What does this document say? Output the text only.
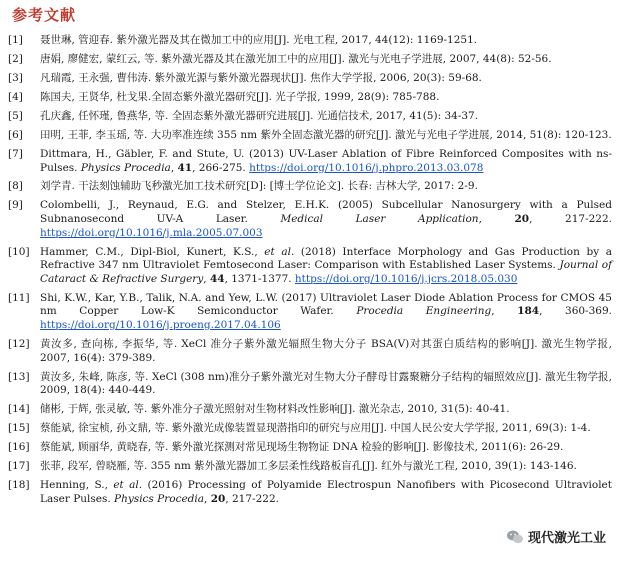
参考文献
[1]	聂世琳, 管迎春. 紫外激光器及其在微加工中的应用[J]. 光电工程, 2017, 44(12): 1169-1251.
[2]	唐娟, 廖健宏, 蒙红云, 等. 紫外激光器及其在激光加工中的应用[J]. 激光与光电子学进展, 2007, 44(8): 52-56.
[3]	凡瑞霞, 王永强, 曹伟涛. 紫外激光源与紫外激光器现状[J]. 焦作大学学报, 2006, 20(3): 59-68.
[4]	陈国夫, 王贤华, 杜戈果.全固态紫外激光器研究[J]. 光子学报, 1999, 28(9): 785-788.
[5]	孔庆鑫, 任怀瑾, 鲁燕华, 等. 全固态紫外激光器研究进展[J]. 光通信技术, 2017, 41(5): 34-37.
[6]	田明, 王菲, 李玉瑶, 等. 大功率准连续 355 nm 紫外全固态激光器的研究[J]. 激光与光电子学进展, 2014, 51(8): 120-123.
[7]	Dittmara, H., Gäbler, F. and Stute, U. (2013) UV-Laser Ablation of Fibre Reinforced Composites with ns-Pulses. Physics Procedia, 41, 266-275. https://doi.org/10.1016/j.phpro.2013.03.078
[8]	刘学青. 干法刻蚀辅助飞秒激光加工技术研究[D]: [博士学位论文]. 长春: 吉林大学, 2017: 2-9.
[9]	Colombelli, J., Reynaud, E.G. and Stelzer, E.H.K. (2005) Subcellular Nanosurgery with a Pulsed Subnanosecond UV-A Laser. Medical Laser Application, 20, 217-222. https://doi.org/10.1016/j.mla.2005.07.003
[10] Hammer, C.M., Dipl-Biol, Kunert, K.S., et al. (2018) Interface Morphology and Gas Production by a Refractive 347 nm Ultraviolet Femtosecond Laser: Comparison with Established Laser Systems. Journal of Cataract & Refractive Surgery, 44, 1371-1377. https://doi.org/10.1016/j.jcrs.2018.05.030
[11] Shi, K.W., Kar, Y.B., Talik, N.A. and Yew, L.W. (2017) Ultraviolet Laser Diode Ablation Process for CMOS 45 nm Copper Low-K Semiconductor Wafer. Procedia Engineering, 184, 360-369. https://doi.org/10.1016/j.proeng.2017.04.106
[12] 黄汝多, 查向栋, 李振华, 等. XeCl 准分子紫外激光辐照生物大分子 BSA(V)对其蛋白质结构的影响[J]. 激光生物学报, 2007, 16(4): 379-389.
[13] 黄汝多, 朱峰, 陈彦, 等. XeCl (308 nm)准分子紫外激光对生物大分子酵母甘露聚糖分子结构的辐照效应[J]. 激光生物学报, 2009, 18(4): 440-449.
[14] 储彬, 于辉, 张灵敏, 等. 紫外准分子激光照射对生物材料改性影响[J]. 激光杂志, 2010, 31(5): 40-41.
[15] 蔡能斌, 徐宝桢, 孙文鼎, 等. 紫外激光成像装置显现潜指印的研究与应用[J]. 中国人民公安大学学报, 2011, 69(3): 1-4.
[16] 蔡能斌, 顾丽华, 黄晓春, 等. 紫外激光探测对常见现场生物物证 DNA 检验的影响[J]. 影像技术, 2011(6): 26-29.
[17] 张菲, 段军, 曾晓雁, 等. 355 nm 紫外激光器加工多层柔性线路板盲孔[J]. 红外与激光工程, 2010, 39(1): 143-146.
[18] Henning, S., et al. (2016) Processing of Polyamide Electrospun Nanofibers with Picosecond Ultraviolet Laser Pulses. Physics Procedia, 20, 217-222.
现代激光工业
